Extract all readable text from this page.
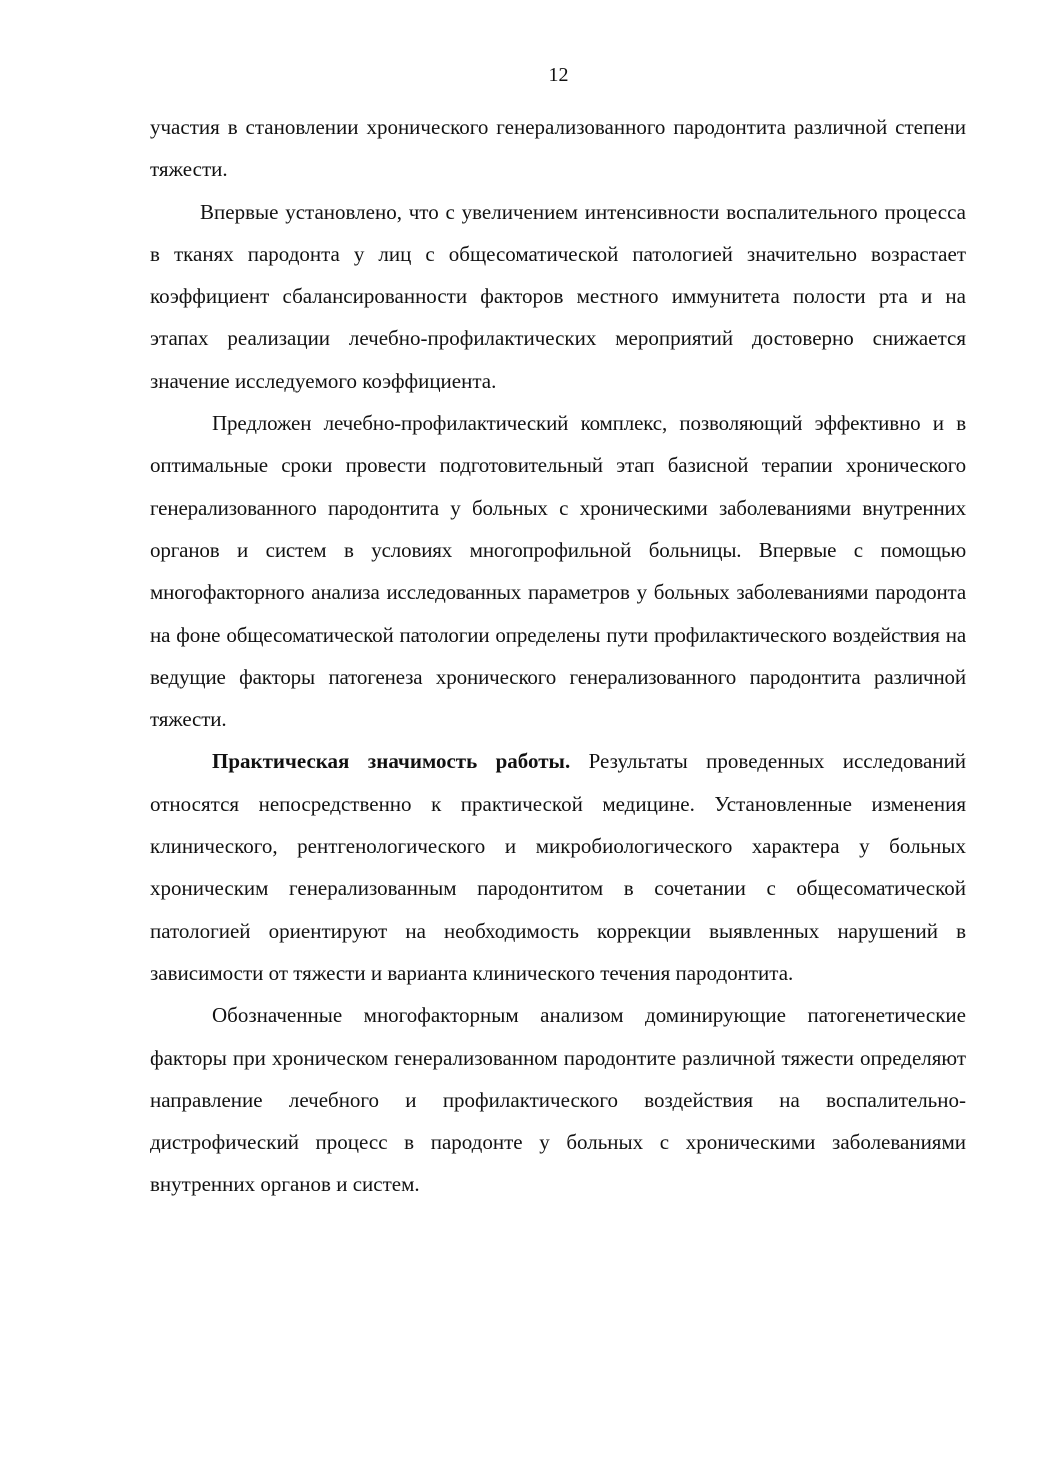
12

участия в становлении хронического генерализованного пародонтита различной степени тяжести.

Впервые установлено, что с увеличением интенсивности воспалительного процесса в тканях пародонта у лиц с общесоматической патологией значительно возрастает коэффициент сбалансированности факторов местного иммунитета полости рта и на этапах реализации лечебно-профилактических мероприятий достоверно снижается значение исследуемого коэффициента.

Предложен лечебно-профилактический комплекс, позволяющий эффективно и в оптимальные сроки провести подготовительный этап базисной терапии хронического генерализованного пародонтита у больных с хроническими заболеваниями внутренних органов и систем в условиях многопрофильной больницы. Впервые с помощью многофакторного анализа исследованных параметров у больных заболеваниями пародонта на фоне общесоматической патологии определены пути профилактического воздействия на ведущие факторы патогенеза хронического генерализованного пародонтита различной тяжести.

Практическая значимость работы. Результаты проведенных исследований относятся непосредственно к практической медицине. Установленные изменения клинического, рентгенологического и микробиологического характера у больных хроническим генерализованным пародонтитом в сочетании с общесоматической патологией ориентируют на необходимость коррекции выявленных нарушений в зависимости от тяжести и варианта клинического течения пародонтита.

Обозначенные многофакторным анализом доминирующие патогенетические факторы при хроническом генерализованном пародонтите различной тяжести определяют направление лечебного и профилактического воздействия на воспалительно-дистрофический процесс в пародонте у больных с хроническими заболеваниями внутренних органов и систем.
